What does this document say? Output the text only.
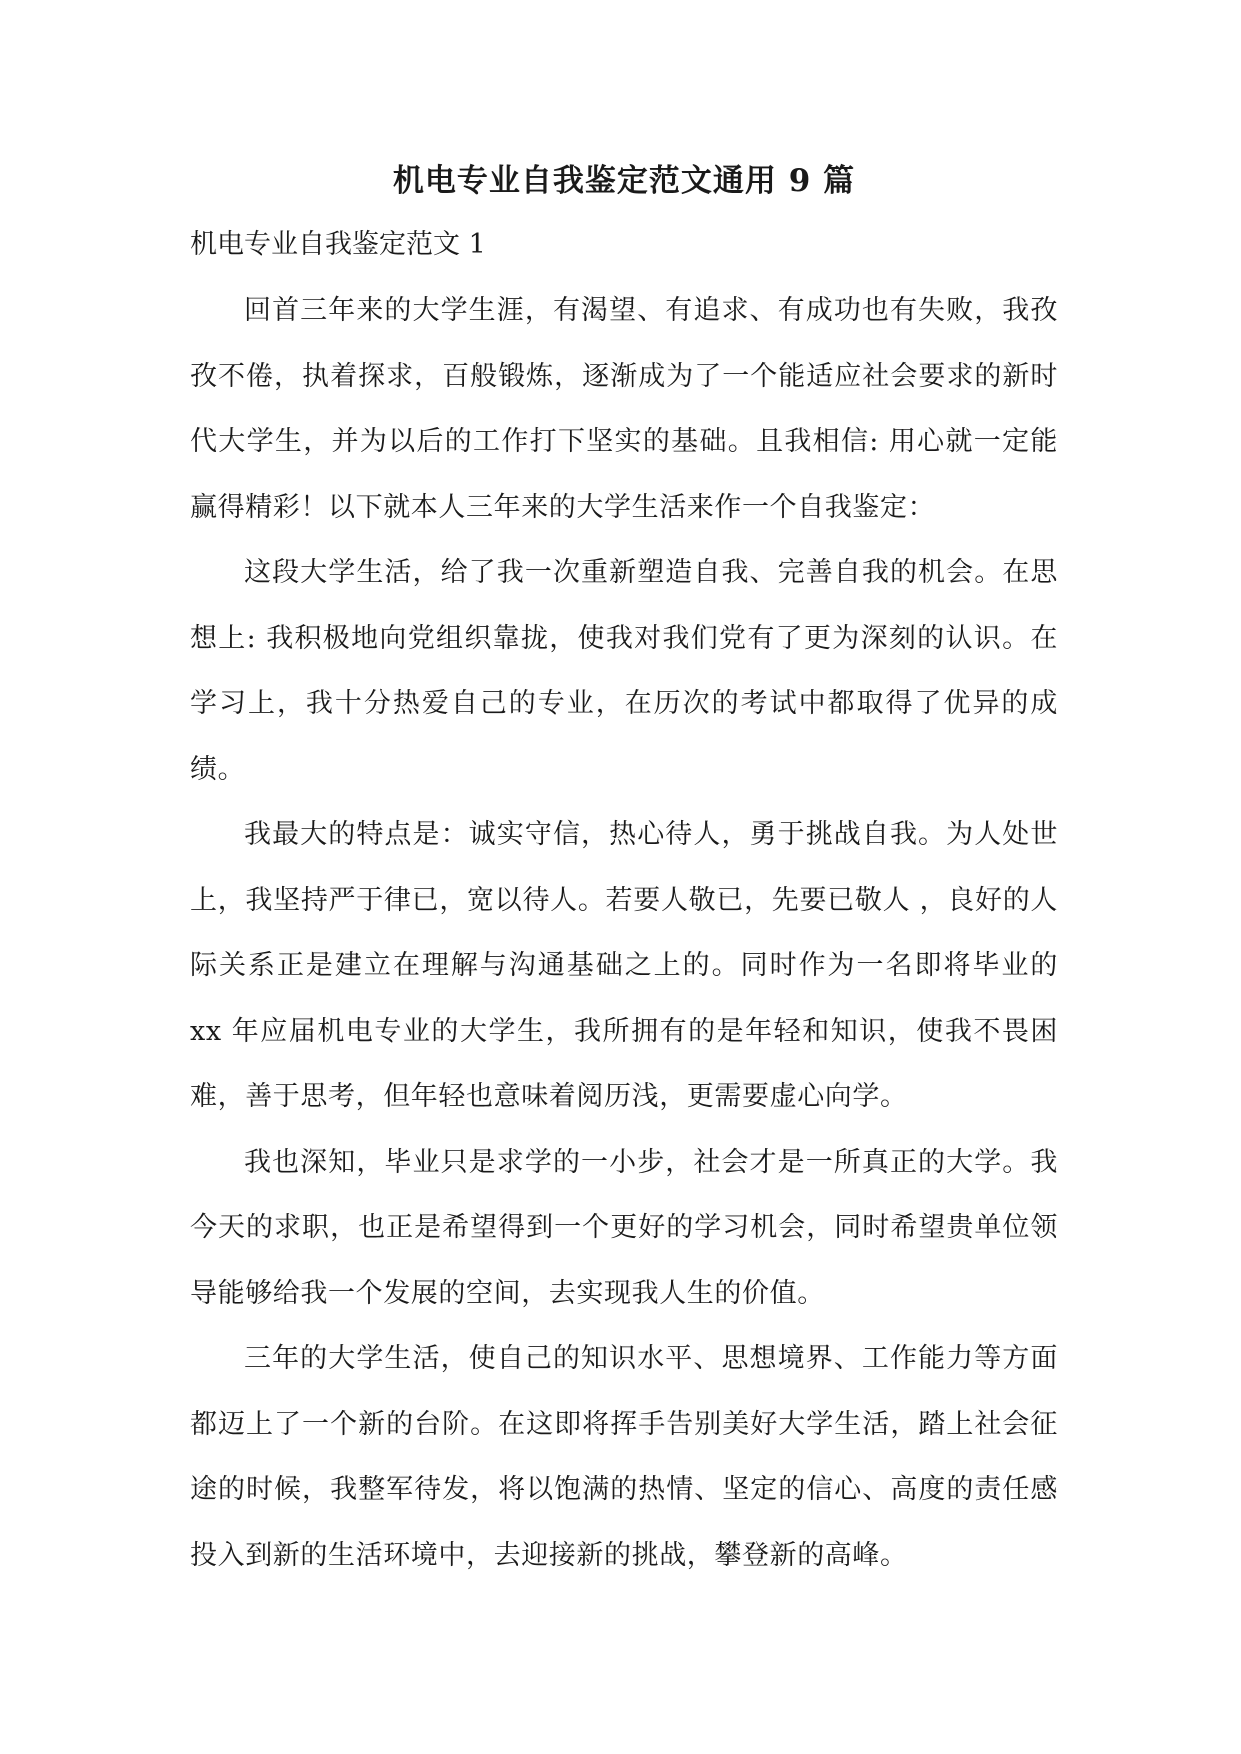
机电专业自我鉴定范文通用 9 篇

机电专业自我鉴定范文 1

回首三年来的大学生涯，有渴望、有追求、有成功也有失败，我孜孜不倦，执着探求，百般锻炼，逐渐成为了一个能适应社会要求的新时代大学生，并为以后的工作打下坚实的基础。且我相信: 用心就一定能赢得精彩！以下就本人三年来的大学生活来作一个自我鉴定：

这段大学生活，给了我一次重新塑造自我、完善自我的机会。在思想上: 我积极地向党组织靠拢，使我对我们党有了更为深刻的认识。在学习上，我十分热爱自己的专业，在历次的考试中都取得了优异的成绩。

我最大的特点是：诚实守信，热心待人，勇于挑战自我。为人处世上，我坚持严于律已，宽以待人。若要人敬已，先要已敬人 ，良好的人际关系正是建立在理解与沟通基础之上的。同时作为一名即将毕业的 xx 年应届机电专业的大学生，我所拥有的是年轻和知识，使我不畏困难，善于思考，但年轻也意味着阅历浅，更需要虚心向学。

我也深知，毕业只是求学的一小步，社会才是一所真正的大学。我今天的求职，也正是希望得到一个更好的学习机会，同时希望贵单位领导能够给我一个发展的空间，去实现我人生的价值。

三年的大学生活，使自己的知识水平、思想境界、工作能力等方面都迈上了一个新的台阶。在这即将挥手告别美好大学生活，踏上社会征途的时候，我整军待发，将以饱满的热情、坚定的信心、高度的责任感投入到新的生活环境中，去迎接新的挑战，攀登新的高峰。
